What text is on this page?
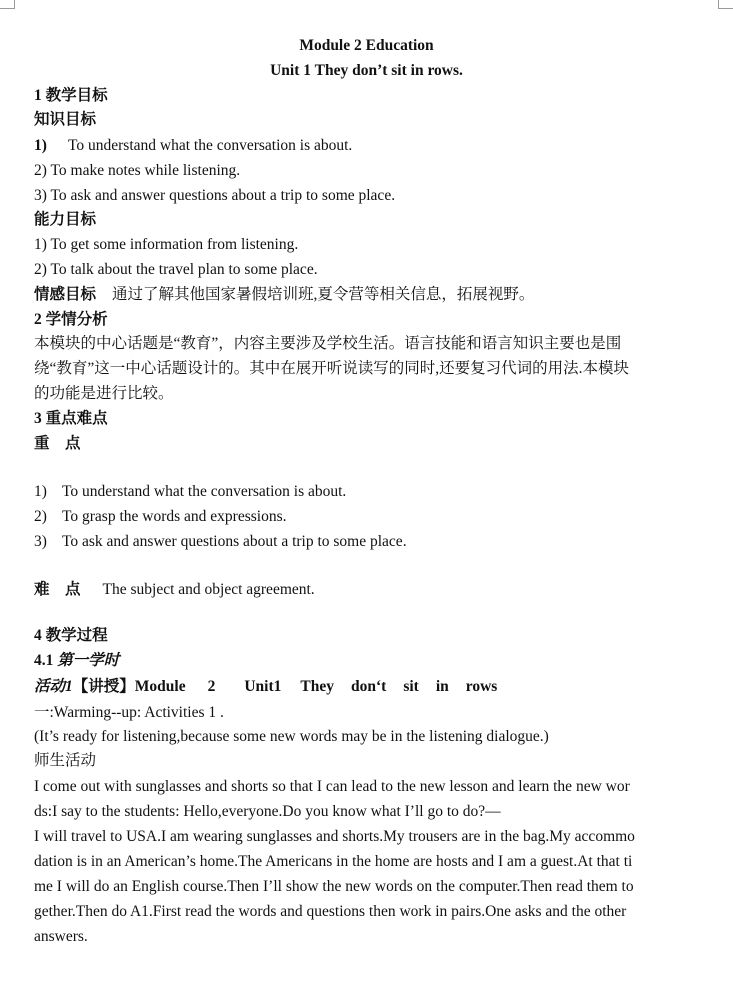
Module 2 Education
Unit 1 They don’t sit in rows.
1 教学目标
知识目标
1) To understand what the conversation is about.
2) To make notes while listening.
3) To ask and answer questions about a trip to some place.
能力目标
1) To get some information from listening.
2) To talk about the travel plan to some place.
情感目标 通过了解其他国家暑假培训班,夏令营等相关信息，拓展视野。
2 学情分析
本模块的中心话题是“教育”，内容主要涉及学校生活。语言技能和语言知识主要也是围
绕“教育”这一中心话题设计的。其中在展开听说读写的同时,还要复习代词的用法.本模块
的功能是进行比较。
3 重点难点
重　点
1) To understand what the conversation is about.
2) To grasp the words and expressions.
3) To ask and answer questions about a trip to some place.
难　点 The subject and object agreement.
4 教学过程
4.1 第一学时
活动1【讲授】Module 2 Unit1 They don‘t sit in rows
一:Warming--up: Activities 1 .
(It’s ready for listening,because some new words may be in the listening dialogue.)
师生活动
I come out with sunglasses and shorts so that I can lead to the new lesson and learn the new wor
ds:I say to the students: Hello,everyone.Do you know what I’ll go to do?—
I will travel to USA.I am wearing sunglasses and shorts.My trousers are in the bag.My accommo
dation is in an American’s home.The Americans in the home are hosts and I am a guest.At that ti
me I will do an English course.Then I’ll show the new words on the computer.Then read them to
gether.Then do A1.First read the words and questions then work in pairs.One asks and the other
answers.
